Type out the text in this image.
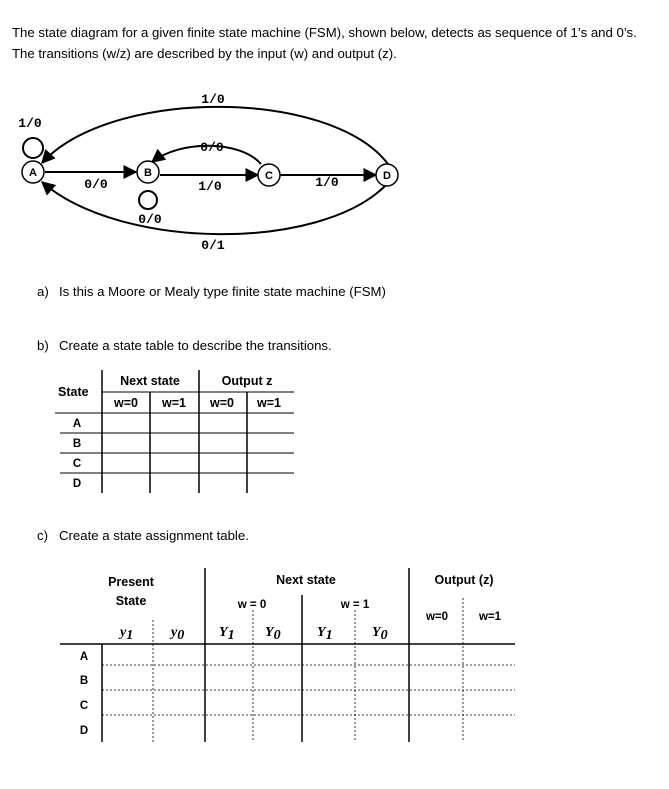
The state diagram for a given finite state machine (FSM), shown below, detects as sequence of 1’s and 0’s. The transitions (w/z) are described by the input (w) and output (z).
A	B	C	D
1/0
0/0
0/0
1/0
0/0
1/0
1/0
0/1
a) Is this a Moore or Mealy type finite state machine (FSM)
b) Create a state table to describe the transitions.
State
Next state	Output z
w=0 w=1 w=0 w=1
A
B
C
D
c) Create a state assignment table.
Present
State
Next state	Output (z)
w = 0	w = 1
w=0	w=1
y1	y0 Y1 Y0	Y1	Y0
A
B
C
D
